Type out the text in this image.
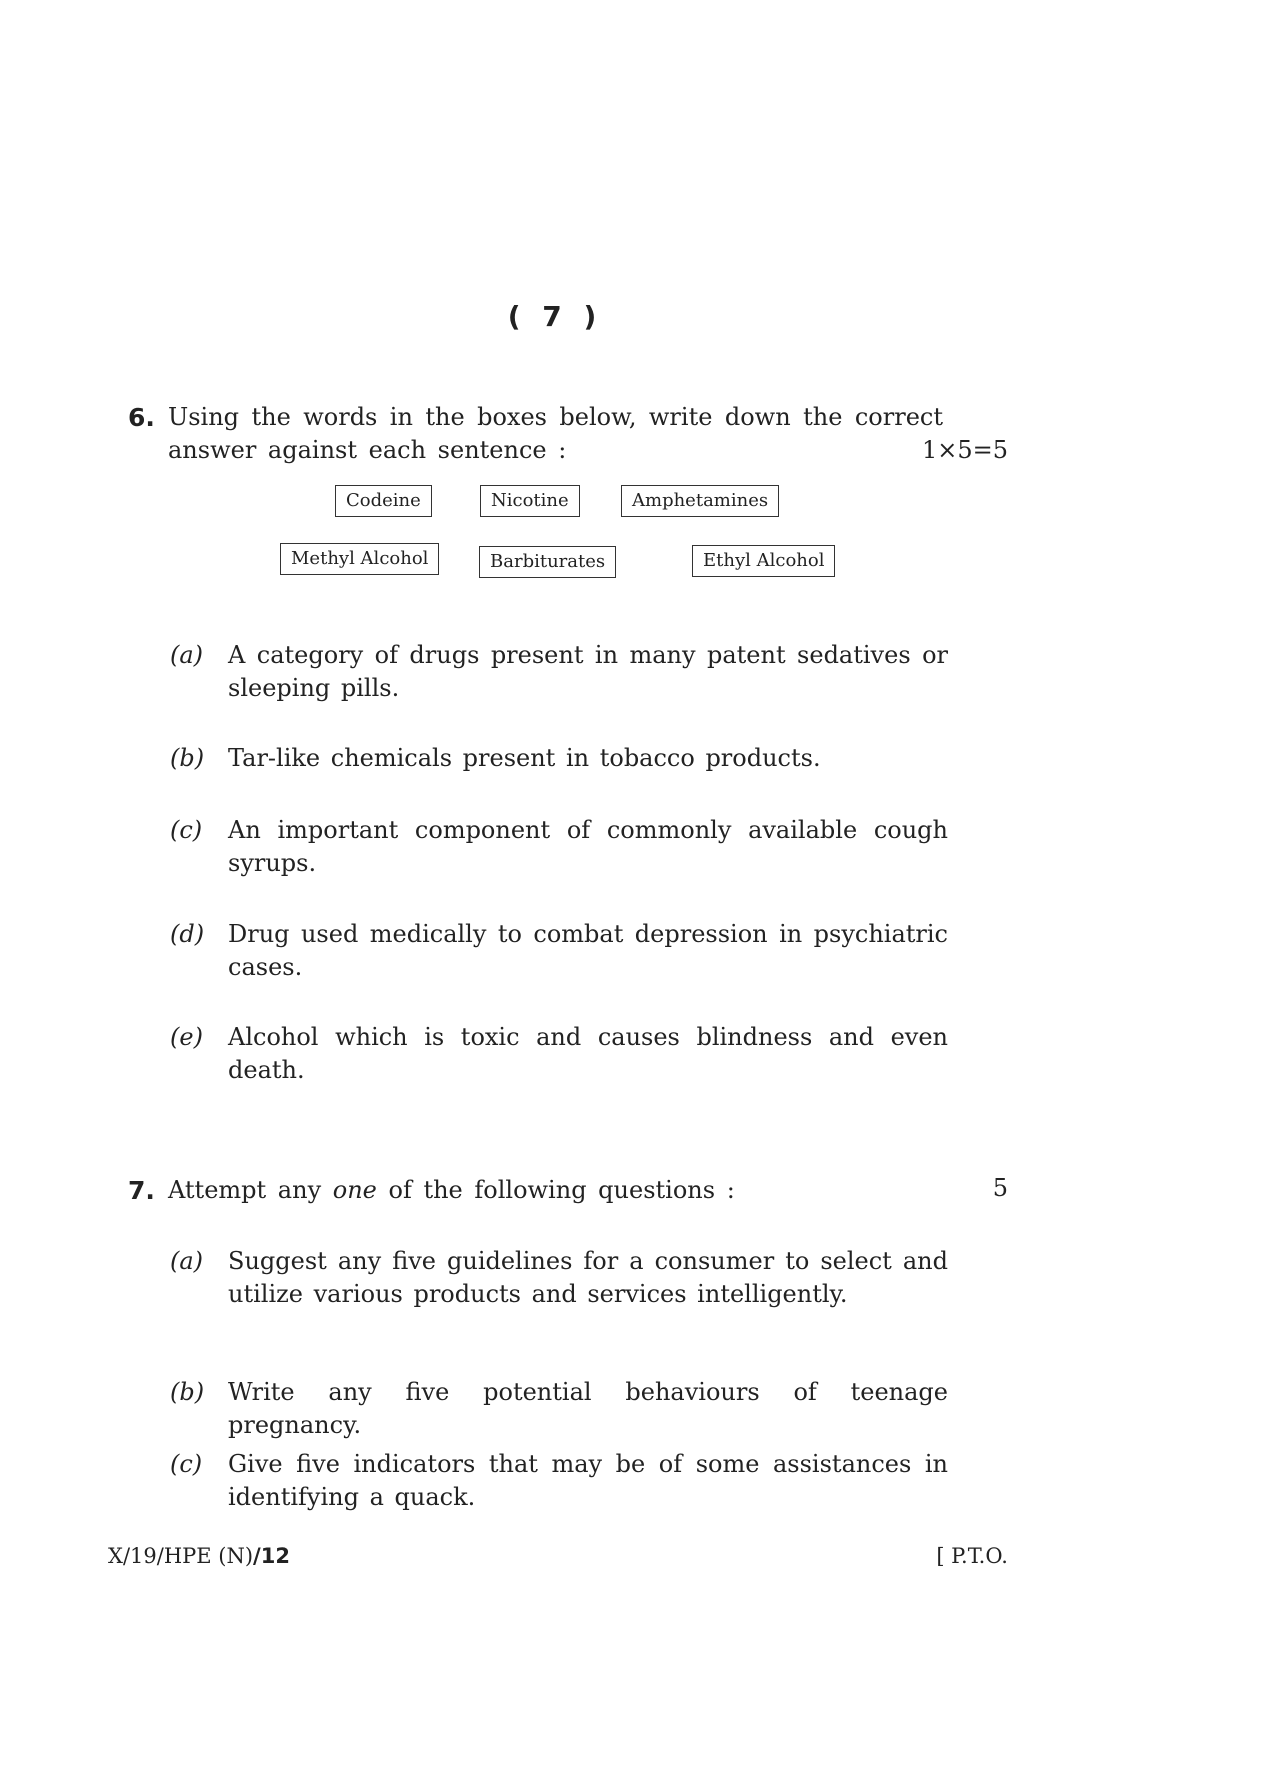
( 7 )
6. Using the words in the boxes below, write down the correct answer against each sentence :	1×5=5
Codeine	Nicotine	Amphetamines
Methyl Alcohol	Barbiturates	Ethyl Alcohol
(a) A category of drugs present in many patent sedatives or sleeping pills.
(b) Tar-like chemicals present in tobacco products.
(c) An important component of commonly available cough syrups.
(d) Drug used medically to combat depression in psychiatric cases.
(e) Alcohol which is toxic and causes blindness and even death.
7. Attempt any one of the following questions :	5
(a) Suggest any five guidelines for a consumer to select and utilize various products and services intelligently.
(b) Write any five potential behaviours of teenage pregnancy.
(c) Give five indicators that may be of some assistances in identifying a quack.
X/19/HPE (N)/12	[ P.T.O.
